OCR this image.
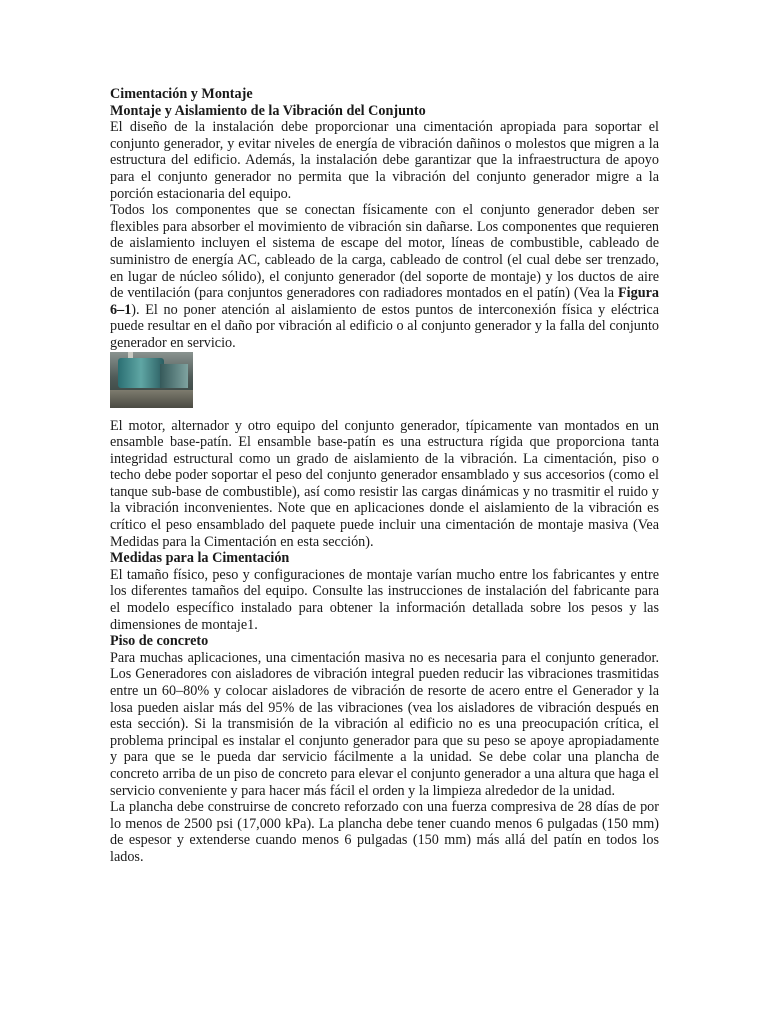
Cimentación y Montaje

Montaje y Aislamiento de la Vibración del Conjunto

El diseño de la instalación debe proporcionar una cimentación apropiada para soportar el conjunto generador, y evitar niveles de energía de vibración dañinos o molestos que migren a la estructura del edificio. Además, la instalación debe garantizar que la infraestructura de apoyo para el conjunto generador no permita que la vibración del conjunto generador migre a la porción estacionaria del equipo.

Todos los componentes que se conectan físicamente con el conjunto generador deben ser flexibles para absorber el movimiento de vibración sin dañarse. Los componentes que requieren de aislamiento incluyen el sistema de escape del motor, líneas de combustible, cableado de suministro de energía AC, cableado de la carga, cableado de control (el cual debe ser trenzado, en lugar de núcleo sólido), el conjunto generador (del soporte de montaje) y los ductos de aire de ventilación (para conjuntos generadores con radiadores montados en el patín) (Vea la Figura 6–1). El no poner atención al aislamiento de estos puntos de interconexión física y eléctrica puede resultar en el daño por vibración al edificio o al conjunto generador y la falla del conjunto generador en servicio.

El motor, alternador y otro equipo del conjunto generador, típicamente van montados en un ensamble base-patín. El ensamble base-patín es una estructura rígida que proporciona tanta integridad estructural como un grado de aislamiento de la vibración. La cimentación, piso o techo debe poder soportar el peso del conjunto generador ensamblado y sus accesorios (como el tanque sub-base de combustible), así como resistir las cargas dinámicas y no trasmitir el ruido y la vibración inconvenientes. Note que en aplicaciones donde el aislamiento de la vibración es crítico el peso ensamblado del paquete puede incluir una cimentación de montaje masiva (Vea Medidas para la Cimentación en esta sección).

Medidas para la Cimentación

El tamaño físico, peso y configuraciones de montaje varían mucho entre los fabricantes y entre los diferentes tamaños del equipo. Consulte las instrucciones de instalación del fabricante para el modelo específico instalado para obtener la información detallada sobre los pesos y las dimensiones de montaje1.

Piso de concreto

Para muchas aplicaciones, una cimentación masiva no es necesaria para el conjunto generador. Los Generadores con aisladores de vibración integral pueden reducir las vibraciones trasmitidas entre un 60–80% y colocar aisladores de vibración de resorte de acero entre el Generador y la losa pueden aislar más del 95% de las vibraciones (vea los aisladores de vibración después en esta sección). Si la transmisión de la vibración al edificio no es una preocupación crítica, el problema principal es instalar el conjunto generador para que su peso se apoye apropiadamente y para que se le pueda dar servicio fácilmente a la unidad. Se debe colar una plancha de concreto arriba de un piso de concreto para elevar el conjunto generador a una altura que haga el servicio conveniente y para hacer más fácil el orden y la limpieza alrededor de la unidad.

La plancha debe construirse de concreto reforzado con una fuerza compresiva de 28 días de por lo menos de 2500 psi (17,000 kPa). La plancha debe tener cuando menos 6 pulgadas (150 mm) de espesor y extenderse cuando menos 6 pulgadas (150 mm) más allá del patín en todos los lados.
